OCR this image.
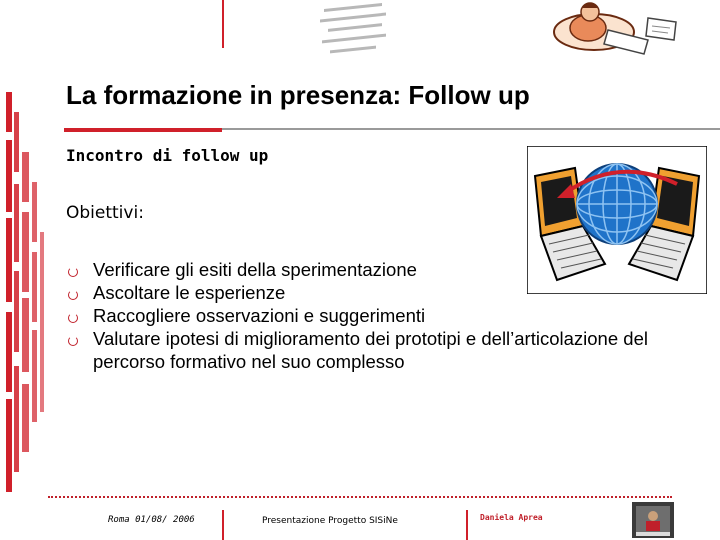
La formazione in presenza: Follow up
Incontro di follow up
Obiettivi:
Verificare gli esiti della sperimentazione
Ascoltare le esperienze
Raccogliere osservazioni e suggerimenti
Valutare ipotesi di miglioramento dei prototipi e dell’articolazione del percorso formativo nel suo complesso
Roma 01/08/ 2006	Presentazione Progetto SISiNe	Daniela Aprea
